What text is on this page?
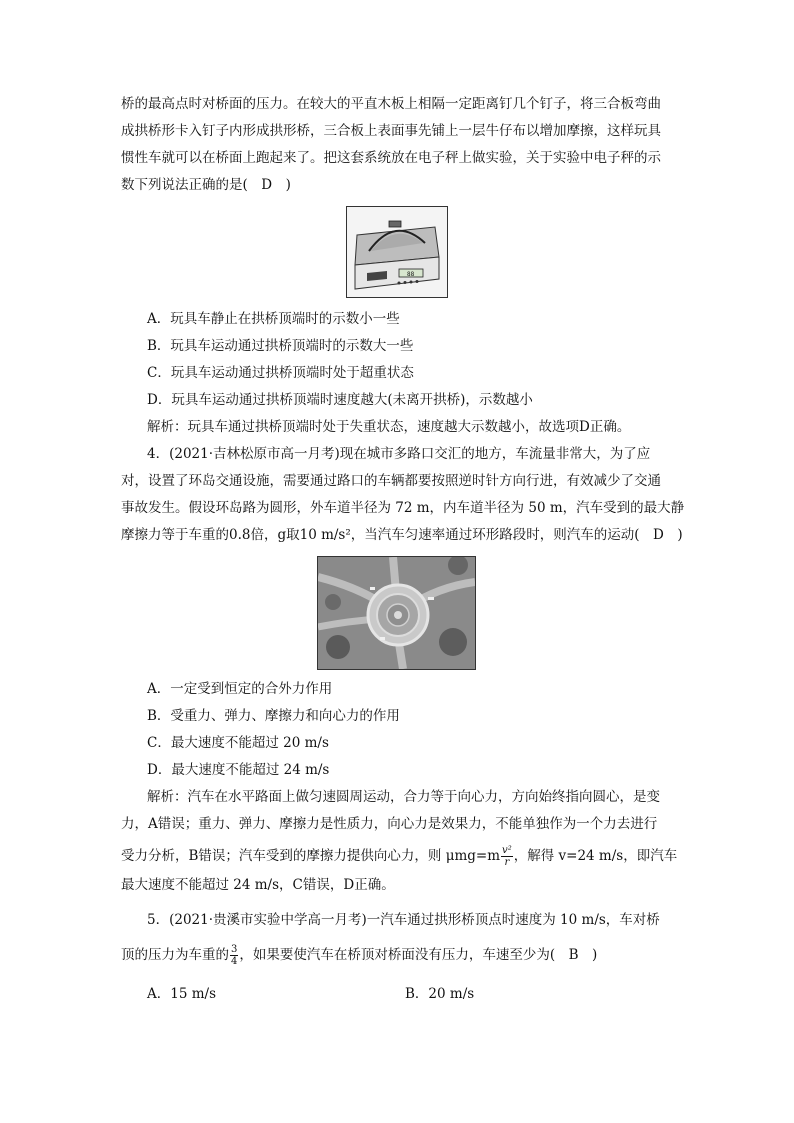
桥的最高点时对桥面的压力。在较大的平直木板上相隔一定距离钉几个钉子，将三合板弯曲
成拱桥形卡入钉子内形成拱形桥，三合板上表面事先铺上一层牛仔布以增加摩擦，这样玩具
惯性车就可以在桥面上跑起来了。把这套系统放在电子秤上做实验，关于实验中电子秤的示
数下列说法正确的是(　D　)
88
A．玩具车静止在拱桥顶端时的示数小一些
B．玩具车运动通过拱桥顶端时的示数大一些
C．玩具车运动通过拱桥顶端时处于超重状态
D．玩具车运动通过拱桥顶端时速度越大(未离开拱桥)，示数越小
解析：玩具车通过拱桥顶端时处于失重状态，速度越大示数越小，故选项D正确。
4．(2021·吉林松原市高一月考)现在城市多路口交汇的地方，车流量非常大，为了应
对，设置了环岛交通设施，需要通过路口的车辆都要按照逆时针方向行进，有效减少了交通
事故发生。假设环岛路为圆形，外车道半径为 72 m，内车道半径为 50 m，汽车受到的最大静
摩擦力等于车重的0.8倍，g取10 m/s²，当汽车匀速率通过环形路段时，则汽车的运动(　D　)
A．一定受到恒定的合外力作用
B．受重力、弹力、摩擦力和向心力的作用
C．最大速度不能超过 20 m/s
D．最大速度不能超过 24 m/s
解析：汽车在水平路面上做匀速圆周运动，合力等于向心力，方向始终指向圆心，是变
力，A错误；重力、弹力、摩擦力是性质力，向心力是效果力，不能单独作为一个力去进行
受力分析，B错误；汽车受到的摩擦力提供向心力，则 $\mu mg=m \frac{\text{v²}}{r}$ ，解得 v=24 m/s，即汽车
最大速度不能超过 24 m/s，C错误，D正确。
5．(2021·贵溪市实验中学高一月考)一汽车通过拱形桥顶点时速度为 10 m/s，车对桥
顶的压力为车重的 $\frac{3}{4}$ ，如果要使汽车在桥顶对桥面没有压力，车速至少为(　B　)
A．15 m/s	B．20 m/s
